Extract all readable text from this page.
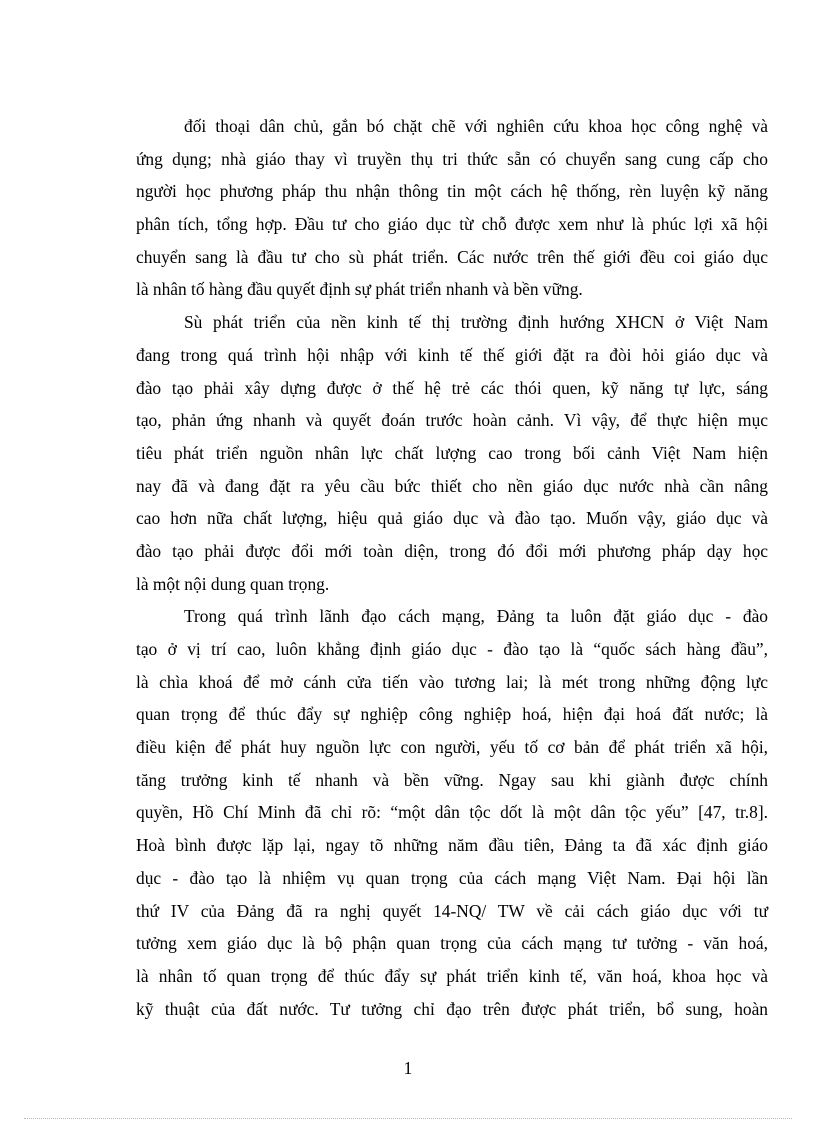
đối thoại dân chủ, gắn bó chặt chẽ với nghiên cứu khoa học công nghệ và
ứng dụng; nhà giáo thay vì truyền thụ tri thức sẵn có chuyển sang cung cấp cho
người học phương pháp thu nhận thông tin một cách hệ thống, rèn luyện kỹ năng
phân tích, tổng hợp. Đầu tư cho giáo dục từ chỗ được xem như là phúc lợi xã hội
chuyển sang là đầu tư cho sù phát triển. Các nước trên thế giới đều coi giáo dục
là nhân tố hàng đầu quyết định sự phát triển nhanh và bền vững.
Sù phát triển của nền kinh tế thị trường định hướng XHCN ở Việt Nam
đang trong quá trình hội nhập với kinh tế thế giới đặt ra đòi hỏi giáo dục và
đào tạo phải xây dựng được ở thế hệ trẻ các thói quen, kỹ năng tự lực, sáng
tạo, phản ứng nhanh và quyết đoán trước hoàn cảnh. Vì vậy, để thực hiện mục
tiêu phát triển nguồn nhân lực chất lượng cao trong bối cảnh Việt Nam hiện
nay đã và đang đặt ra yêu cầu bức thiết cho nền giáo dục nước nhà cần nâng
cao hơn nữa chất lượng, hiệu quả giáo dục và đào tạo. Muốn vậy, giáo dục và
đào tạo phải được đổi mới toàn diện, trong đó đổi mới phương pháp dạy học
là một nội dung quan trọng.
Trong quá trình lãnh đạo cách mạng, Đảng ta luôn đặt giáo dục - đào
tạo ở vị trí cao, luôn khẳng định giáo dục - đào tạo là “quốc sách hàng đầu”,
là chìa khoá để mở cánh cửa tiến vào tương lai; là mét trong những động lực
quan trọng để thúc đẩy sự nghiệp công nghiệp hoá, hiện đại hoá đất nước; là
điều kiện để phát huy nguồn lực con người, yếu tố cơ bản để phát triển xã hội,
tăng trưởng kinh tế nhanh và bền vững. Ngay sau khi giành được chính
quyền, Hồ Chí Minh đã chỉ rõ: “một dân tộc dốt là một dân tộc yếu” [47, tr.8].
Hoà bình được lặp lại, ngay tõ những năm đầu tiên, Đảng ta đã xác định giáo
dục - đào tạo là nhiệm vụ quan trọng của cách mạng Việt Nam. Đại hội lần
thứ IV của Đảng đã ra nghị quyết 14-NQ/ TW về cải cách giáo dục với tư
tưởng xem giáo dục là bộ phận quan trọng của cách mạng tư tưởng - văn hoá,
là nhân tố quan trọng để thúc đẩy sự phát triển kinh tế, văn hoá, khoa học và
kỹ thuật của đất nước. Tư tưởng chỉ đạo trên được phát triển, bổ sung, hoàn
1
